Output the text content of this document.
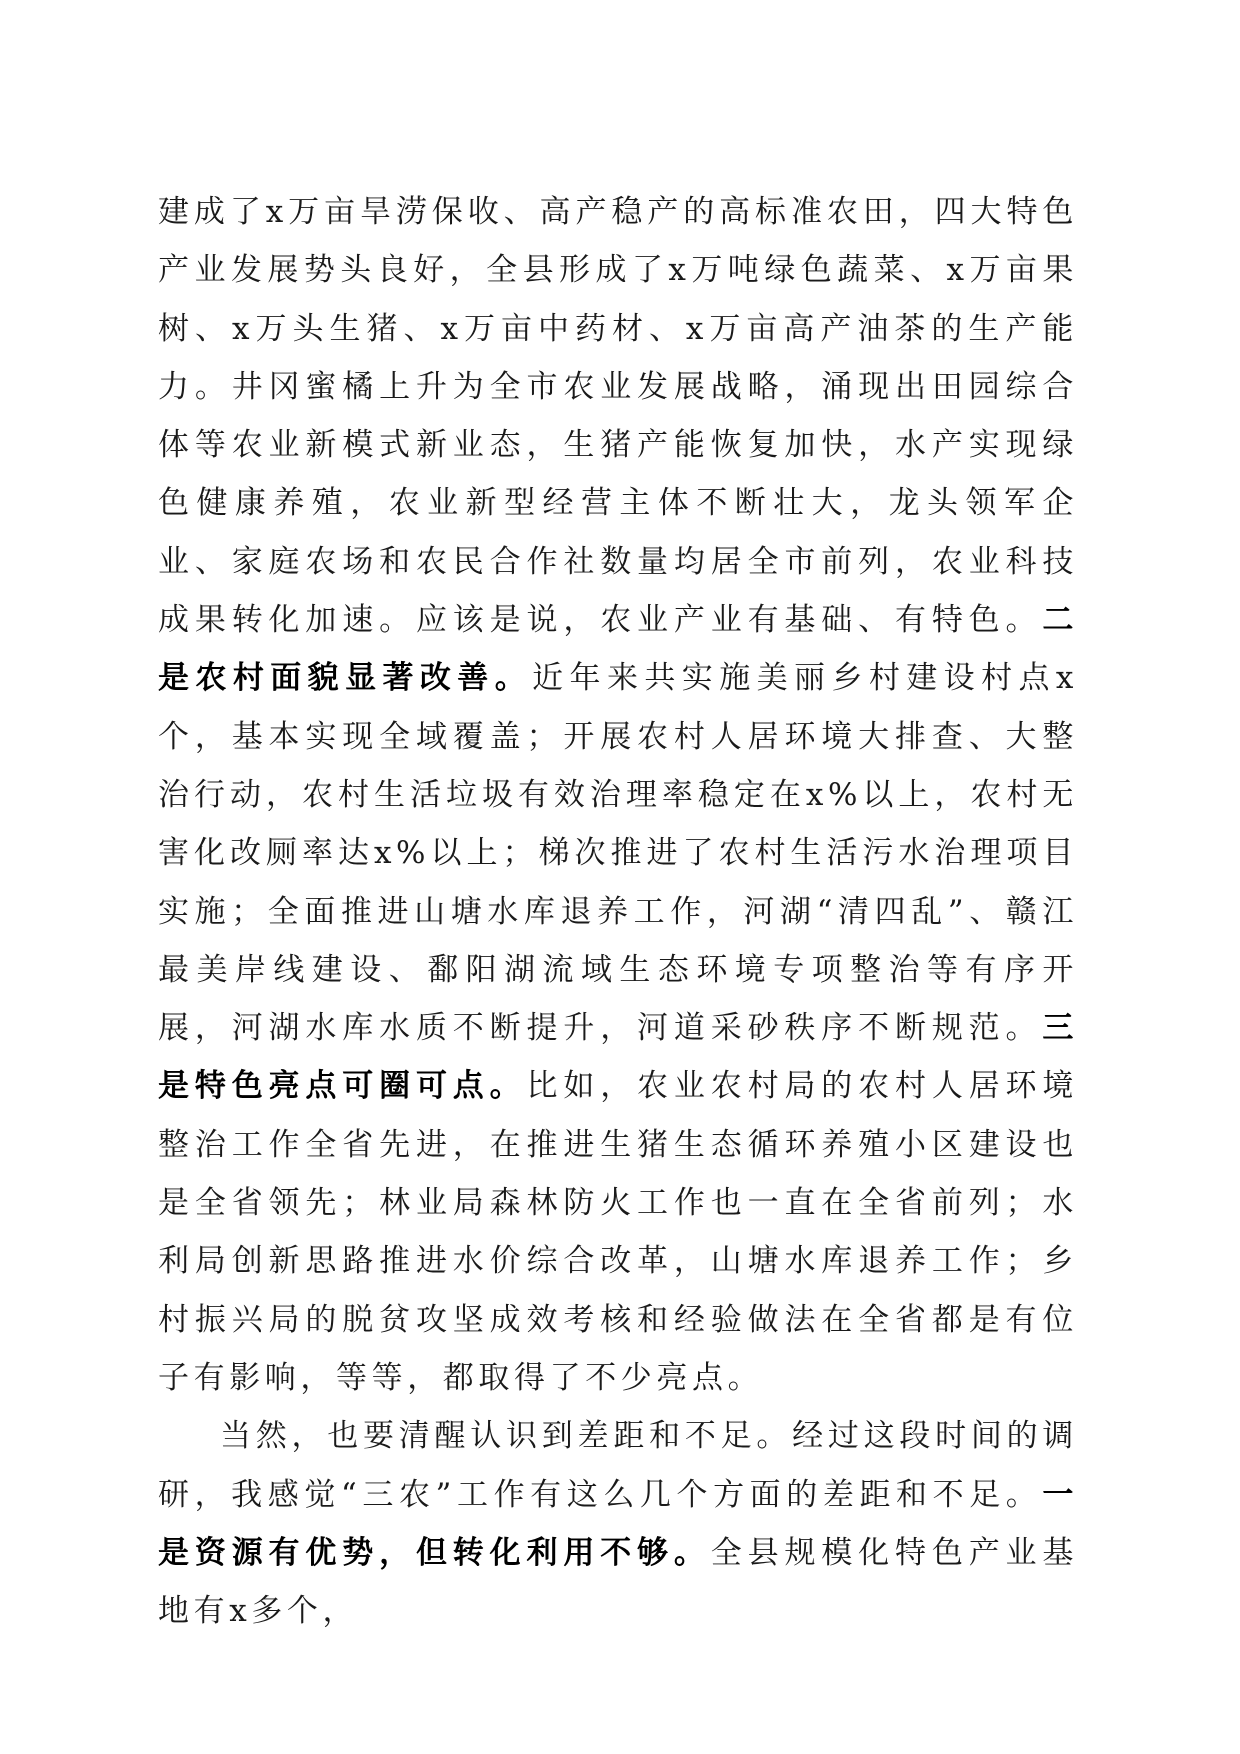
建成了x万亩旱涝保收、高产稳产的高标准农田，四大特色产业发展势头良好，全县形成了x万吨绿色蔬菜、x万亩果树、x万头生猪、x万亩中药材、x万亩高产油茶的生产能力。井冈蜜橘上升为全市农业发展战略，涌现出田园综合体等农业新模式新业态，生猪产能恢复加快，水产实现绿色健康养殖，农业新型经营主体不断壮大，龙头领军企业、家庭农场和农民合作社数量均居全市前列，农业科技成果转化加速。应该是说，农业产业有基础、有特色。二是农村面貌显著改善。近年来共实施美丽乡村建设村点x个，基本实现全域覆盖；开展农村人居环境大排查、大整治行动，农村生活垃圾有效治理率稳定在x%以上，农村无害化改厕率达x%以上；梯次推进了农村生活污水治理项目实施；全面推进山塘水库退养工作，河湖“清四乱”、赣江最美岸线建设、鄱阳湖流域生态环境专项整治等有序开展，河湖水库水质不断提升，河道采砂秩序不断规范。三是特色亮点可圈可点。比如，农业农村局的农村人居环境整治工作全省先进，在推进生猪生态循环养殖小区建设也是全省领先；林业局森林防火工作也一直在全省前列；水利局创新思路推进水价综合改革，山塘水库退养工作；乡村振兴局的脱贫攻坚成效考核和经验做法在全省都是有位子有影响，等等，都取得了不少亮点。

当然，也要清醒认识到差距和不足。经过这段时间的调研，我感觉“三农”工作有这么几个方面的差距和不足。一是资源有优势，但转化利用不够。全县规模化特色产业基地有x多个，
